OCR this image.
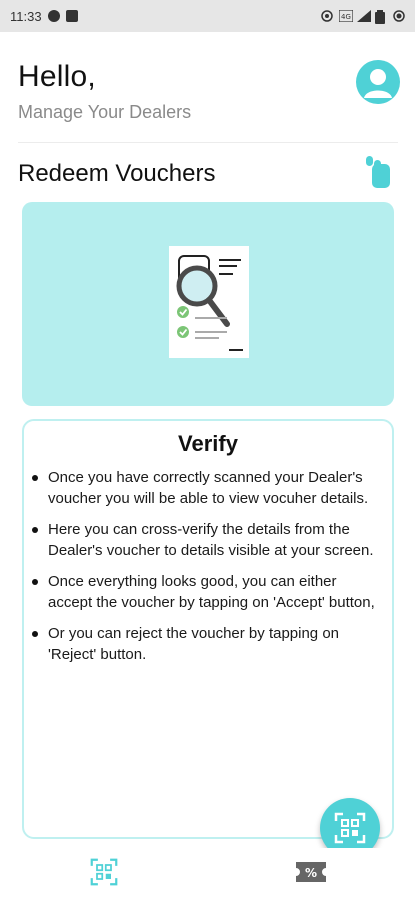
11:33	4G
Hello,
Manage Your Dealers
Redeem Vouchers
Verify
Once you have correctly scanned your Dealer's voucher you will be able to view vocuher details.
Here you can cross-verify the details from the Dealer's voucher to details visible at your screen.
Once everything looks good, you can either accept the voucher by tapping on 'Accept' button,
Or you can reject the voucher by tapping on 'Reject' button.
%
